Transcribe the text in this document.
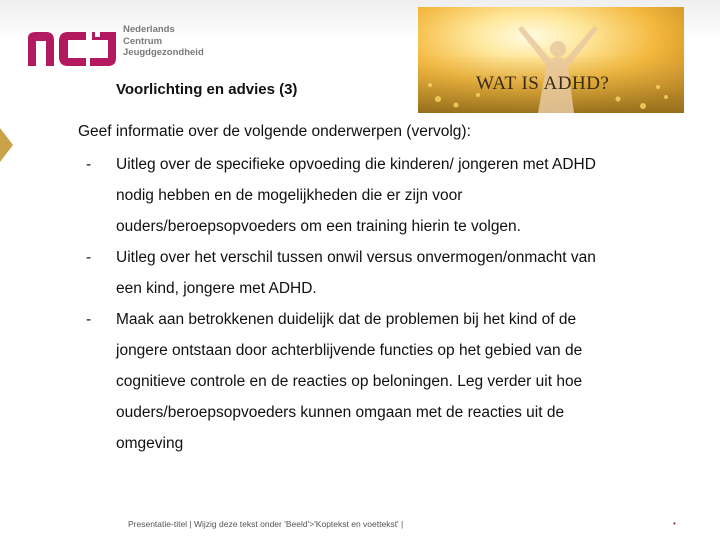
Nederlands
Centrum
Jeugdgezondheid
Voorlichting en advies (3)	WAT IS ADHD?

Geef informatie over de volgende onderwerpen (vervolg):

- Uitleg over de specifieke opvoeding die kinderen/ jongeren met ADHD
nodig hebben en de mogelijkheden die er zijn voor
ouders/beroepsopvoeders om een training hierin te volgen.
- Uitleg over het verschil tussen onwil versus onvermogen/onmacht van
een kind, jongere met ADHD.
- Maak aan betrokkenen duidelijk dat de problemen bij het kind of de
jongere ontstaan door achterblijvende functies op het gebied van de
cognitieve controle en de reacties op beloningen. Leg verder uit hoe
ouders/beroepsopvoeders kunnen omgaan met de reacties uit de
omgeving
Presentatie-titel | Wijzig deze tekst onder 'Beeld'>'Koptekst en voettekst' |	•
